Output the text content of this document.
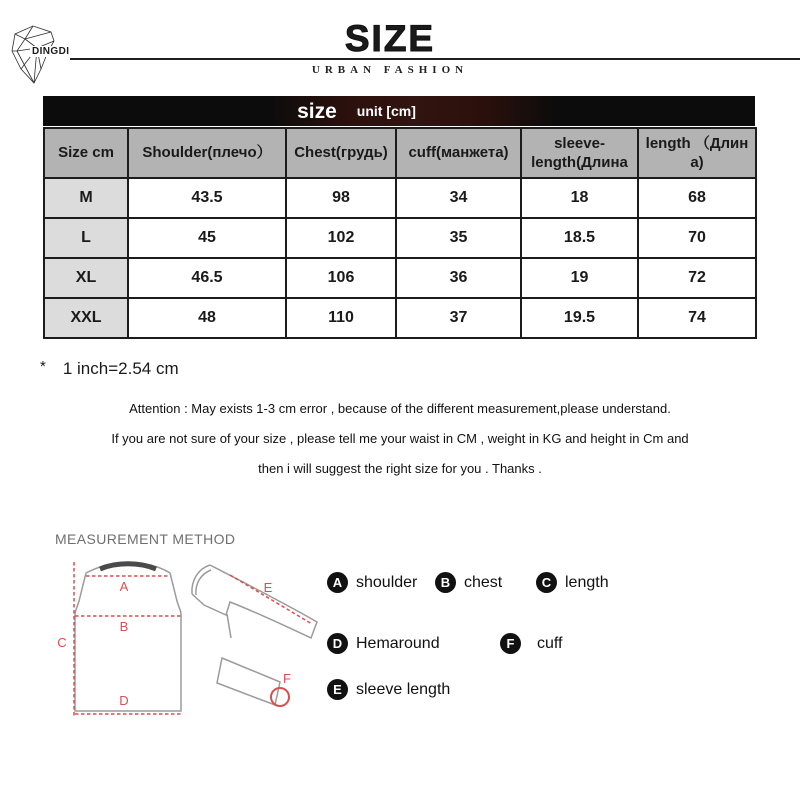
DINGDI	SIZE
URBAN FASHION
size unit [cm]
Size cm	Shoulder(плечо）	Chest(грудь)	cuff(манжета)	sleeve-length(Длина	length （Длина)
M	43.5	98	34	18	68
L	45	102	35	18.5	70
XL	46.5	106	36	19	72
XXL	48	110	37	19.5	74
* 1 inch=2.54 cm
Attention : May exists 1-3 cm error , because of the different measurement,please understand.
If you are not sure of your size , please tell me your waist in CM , weight in KG and height in Cm and
then i will suggest the right size for you . Thanks .
MEASUREMENT METHOD
A
B
C
D
E
F
A shoulder	B chest	C length
D Hemaround	F	cuff
E sleeve length
